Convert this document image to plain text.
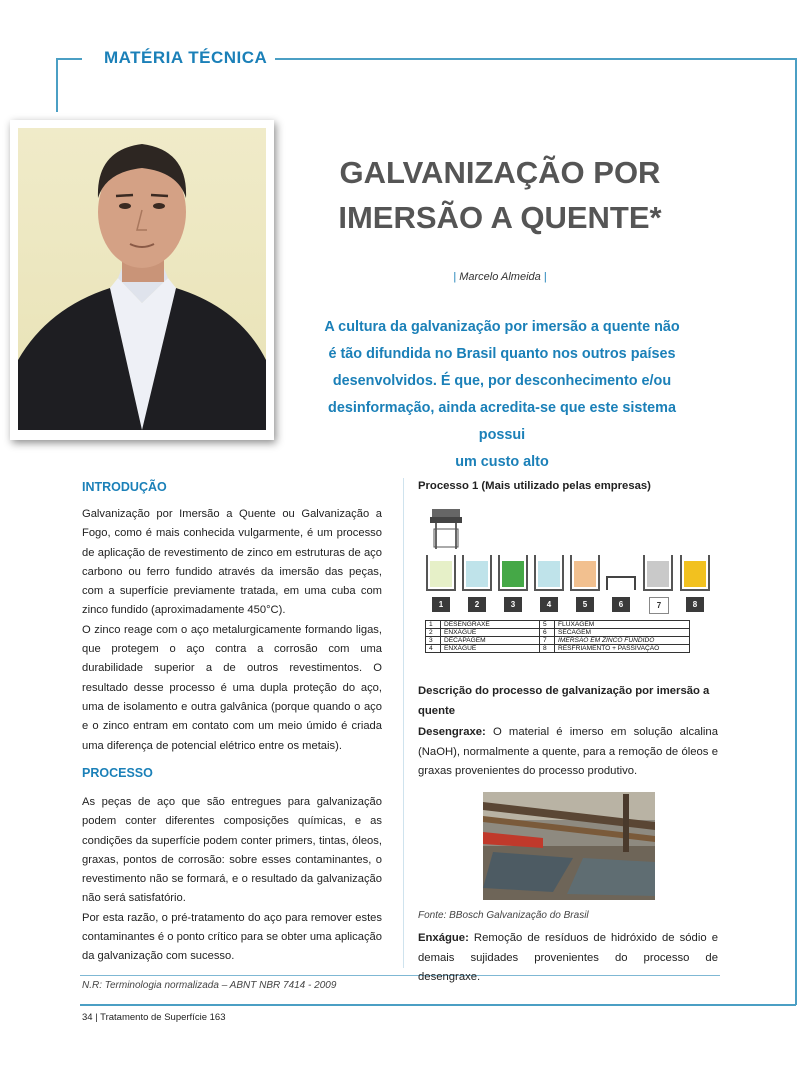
MATÉRIA TÉCNICA
GALVANIZAÇÃO POR
IMERSÃO A QUENTE*
| Marcelo Almeida |
A cultura da galvanização por imersão a quente não
é tão difundida no Brasil quanto nos outros países
desenvolvidos. É que, por desconhecimento e/ou
desinformação, ainda acredita-se que este sistema possui
um custo alto
INTRODUÇÃO

Galvanização por Imersão a Quente ou Galvanização a Fogo, como é mais conhecida vulgarmente, é um processo de aplicação de revestimento de zinco em estruturas de aço carbono ou ferro fundido através da imersão das peças, com a superfície previamente tratada, em uma cuba com zinco fundido (aproximadamente 450°C).

O zinco reage com o aço metalurgicamente formando ligas, que protegem o aço contra a corrosão com uma durabilidade superior a de outros revestimentos. O resultado desse processo é uma dupla proteção do aço, uma de isolamento e outra galvânica (porque quando o aço e o zinco entram em contato com um meio úmido é criada uma diferença de potencial elétrico entre os metais).

PROCESSO

As peças de aço que são entregues para galvanização podem conter diferentes composições químicas, e as condições da superfície podem conter primers, tintas, óleos, graxas, pontos de corrosão: sobre esses contaminantes, o revestimento não se formará, e o resultado da galvanização não será satisfatório.

Por esta razão, o pré-tratamento do aço para remover estes contaminantes é o ponto crítico para se obter uma aplicação da galvanização com sucesso.

Processo 1 (Mais utilizado pelas empresas)
1	2	3	4	5	6	7	8
1	DESENGRAXE	5	FLUXAGEM
2	ENXÁGUE	6	SECAGEM
3	DECAPAGEM	7	IMERSÃO EM ZINCO FUNDIDO
4	ENXÁGUE	8	RESFRIAMENTO + PASSIVAÇÃO

Descrição do processo de galvanização por imersão a quente

Desengraxe: O material é imerso em solução alcalina (NaOH), normalmente a quente, para a remoção de óleos e graxas provenientes do processo produtivo.

Fonte: BBosch Galvanização do Brasil

Enxágue: Remoção de resíduos de hidróxido de sódio e demais sujidades provenientes do processo de desengraxe.

N.R: Terminologia normalizada – ABNT NBR 7414 - 2009
34 | Tratamento de Superfície 163
